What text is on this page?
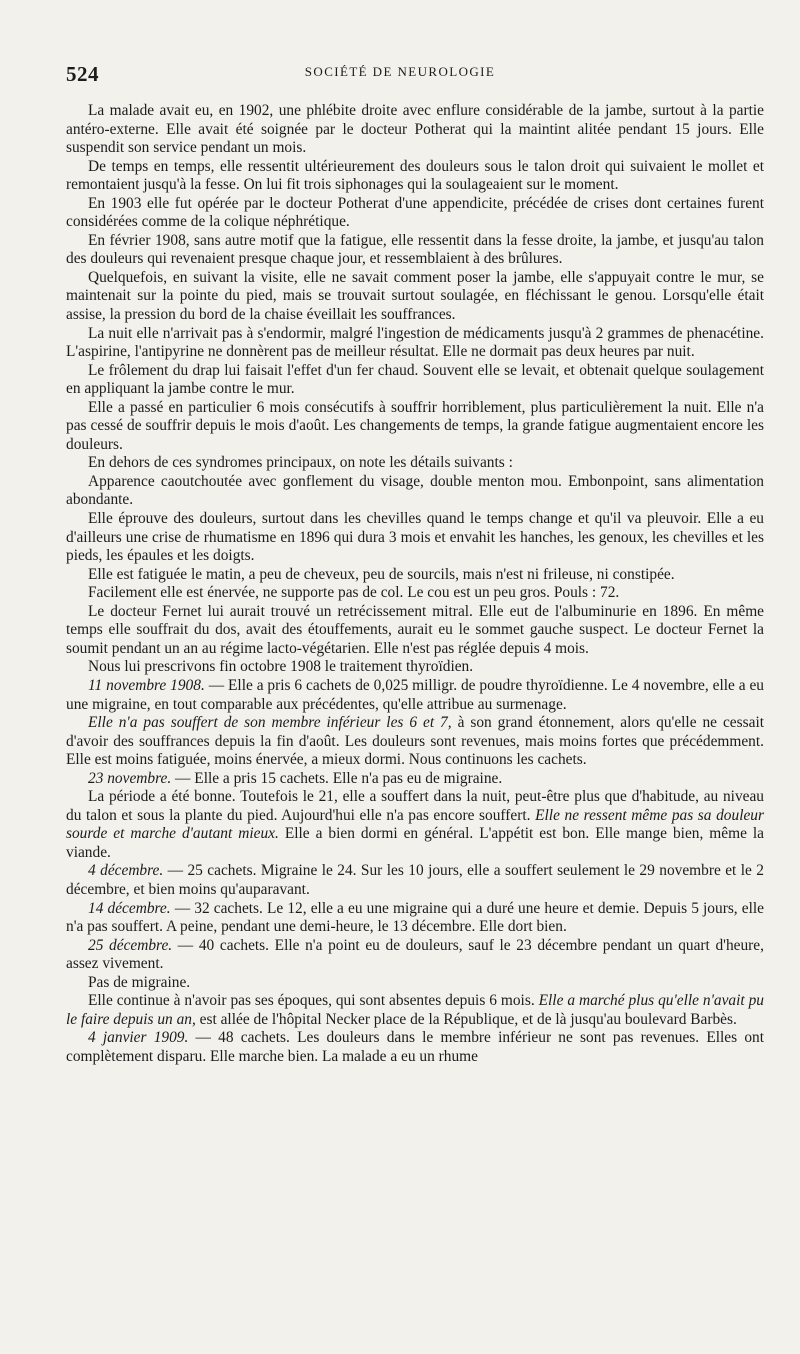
524	SOCIÉTÉ DE NEUROLOGIE

La malade avait eu, en 1902, une phlébite droite avec enflure considérable de la jambe, surtout à la partie antéro-externe. Elle avait été soignée par le docteur Potherat qui la maintint alitée pendant 15 jours. Elle suspendit son service pendant un mois.

De temps en temps, elle ressentit ultérieurement des douleurs sous le talon droit qui suivaient le mollet et remontaient jusqu'à la fesse. On lui fit trois siphonages qui la soulageaient sur le moment.

En 1903 elle fut opérée par le docteur Potherat d'une appendicite, précédée de crises dont certaines furent considérées comme de la colique néphrétique.

En février 1908, sans autre motif que la fatigue, elle ressentit dans la fesse droite, la jambe, et jusqu'au talon des douleurs qui revenaient presque chaque jour, et ressemblaient à des brûlures.

Quelquefois, en suivant la visite, elle ne savait comment poser la jambe, elle s'appuyait contre le mur, se maintenait sur la pointe du pied, mais se trouvait surtout soulagée, en fléchissant le genou. Lorsqu'elle était assise, la pression du bord de la chaise éveillait les souffrances.

La nuit elle n'arrivait pas à s'endormir, malgré l'ingestion de médicaments jusqu'à 2 grammes de phenacétine. L'aspirine, l'antipyrine ne donnèrent pas de meilleur résultat. Elle ne dormait pas deux heures par nuit.

Le frôlement du drap lui faisait l'effet d'un fer chaud. Souvent elle se levait, et obtenait quelque soulagement en appliquant la jambe contre le mur.

Elle a passé en particulier 6 mois consécutifs à souffrir horriblement, plus particulièrement la nuit. Elle n'a pas cessé de souffrir depuis le mois d'août. Les changements de temps, la grande fatigue augmentaient encore les douleurs.

En dehors de ces syndromes principaux, on note les détails suivants :

Apparence caoutchoutée avec gonflement du visage, double menton mou. Embonpoint, sans alimentation abondante.

Elle éprouve des douleurs, surtout dans les chevilles quand le temps change et qu'il va pleuvoir. Elle a eu d'ailleurs une crise de rhumatisme en 1896 qui dura 3 mois et envahit les hanches, les genoux, les chevilles et les pieds, les épaules et les doigts.

Elle est fatiguée le matin, a peu de cheveux, peu de sourcils, mais n'est ni frileuse, ni constipée.

Facilement elle est énervée, ne supporte pas de col. Le cou est un peu gros. Pouls : 72.

Le docteur Fernet lui aurait trouvé un retrécissement mitral. Elle eut de l'albuminurie en 1896. En même temps elle souffrait du dos, avait des étouffements, aurait eu le sommet gauche suspect. Le docteur Fernet la soumit pendant un an au régime lacto-végétarien. Elle n'est pas réglée depuis 4 mois.

Nous lui prescrivons fin octobre 1908 le traitement thyroïdien.

11 novembre 1908. — Elle a pris 6 cachets de 0,025 milligr. de poudre thyroïdienne. Le 4 novembre, elle a eu une migraine, en tout comparable aux précédentes, qu'elle attribue au surmenage.

Elle n'a pas souffert de son membre inférieur les 6 et 7, à son grand étonnement, alors qu'elle ne cessait d'avoir des souffrances depuis la fin d'août. Les douleurs sont revenues, mais moins fortes que précédemment. Elle est moins fatiguée, moins énervée, a mieux dormi. Nous continuons les cachets.

23 novembre. — Elle a pris 15 cachets. Elle n'a pas eu de migraine.

La période a été bonne. Toutefois le 21, elle a souffert dans la nuit, peut-être plus que d'habitude, au niveau du talon et sous la plante du pied. Aujourd'hui elle n'a pas encore souffert. Elle ne ressent même pas sa douleur sourde et marche d'autant mieux. Elle a bien dormi en général. L'appétit est bon. Elle mange bien, même la viande.

4 décembre. — 25 cachets. Migraine le 24. Sur les 10 jours, elle a souffert seulement le 29 novembre et le 2 décembre, et bien moins qu'auparavant.

14 décembre. — 32 cachets. Le 12, elle a eu une migraine qui a duré une heure et demie. Depuis 5 jours, elle n'a pas souffert. A peine, pendant une demi-heure, le 13 décembre. Elle dort bien.

25 décembre. — 40 cachets. Elle n'a point eu de douleurs, sauf le 23 décembre pendant un quart d'heure, assez vivement.

Pas de migraine.

Elle continue à n'avoir pas ses époques, qui sont absentes depuis 6 mois. Elle a marché plus qu'elle n'avait pu le faire depuis un an, est allée de l'hôpital Necker place de la République, et de là jusqu'au boulevard Barbès.

4 janvier 1909. — 48 cachets. Les douleurs dans le membre inférieur ne sont pas revenues. Elles ont complètement disparu. Elle marche bien. La malade a eu un rhume
